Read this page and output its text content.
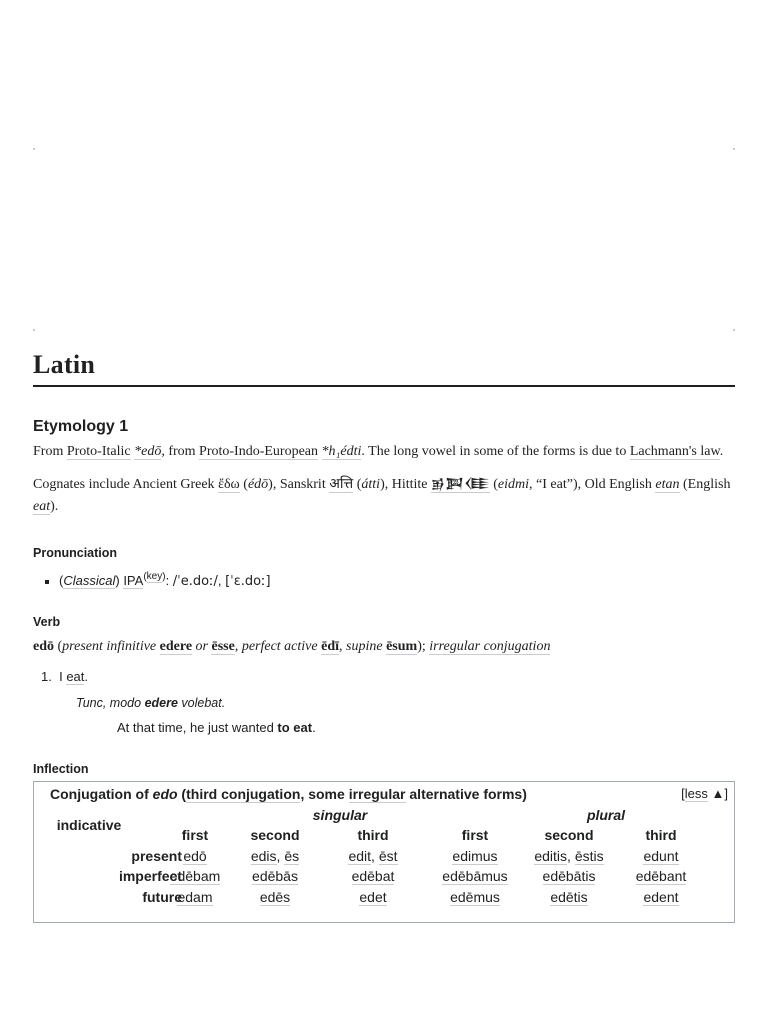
Latin
Etymology 1

From Proto-Italic *edō, from Proto-Indo-European *h₁édti. The long vowel in some of the forms is due to Lachmann's law.

Cognates include Ancient Greek ἔδω (édō), Sanskrit अत्ति (átti), Hittite 𒂊𒀉𒈪 (eidmi, “I eat”), Old English etan (English eat).

Pronunciation
(Classical) IPA$^{(key)}$: /ˈe.doː/, [ˈɛ.doː]
Verb
edō (present infinitive edere or ēsse, perfect active ēdī, supine ēsum); irregular conjugation
1. I eat.
Tunc, modo edere volebat.
At that time, he just wanted to eat.
Inflection
Conjugation of edo (third conjugation, some irregular alternative forms)	[less ▲]
indicative
singular	plural
first	second	third	first	second	third
present edō	edis, ēs	edit, ēst	edimus	editis, ēstis	edunt
imperfect
edēbam	edēbās	edēbat	edēbāmus	edēbātis	edēbant
future
edam	edēs	edet	edēmus	edētis	edent
